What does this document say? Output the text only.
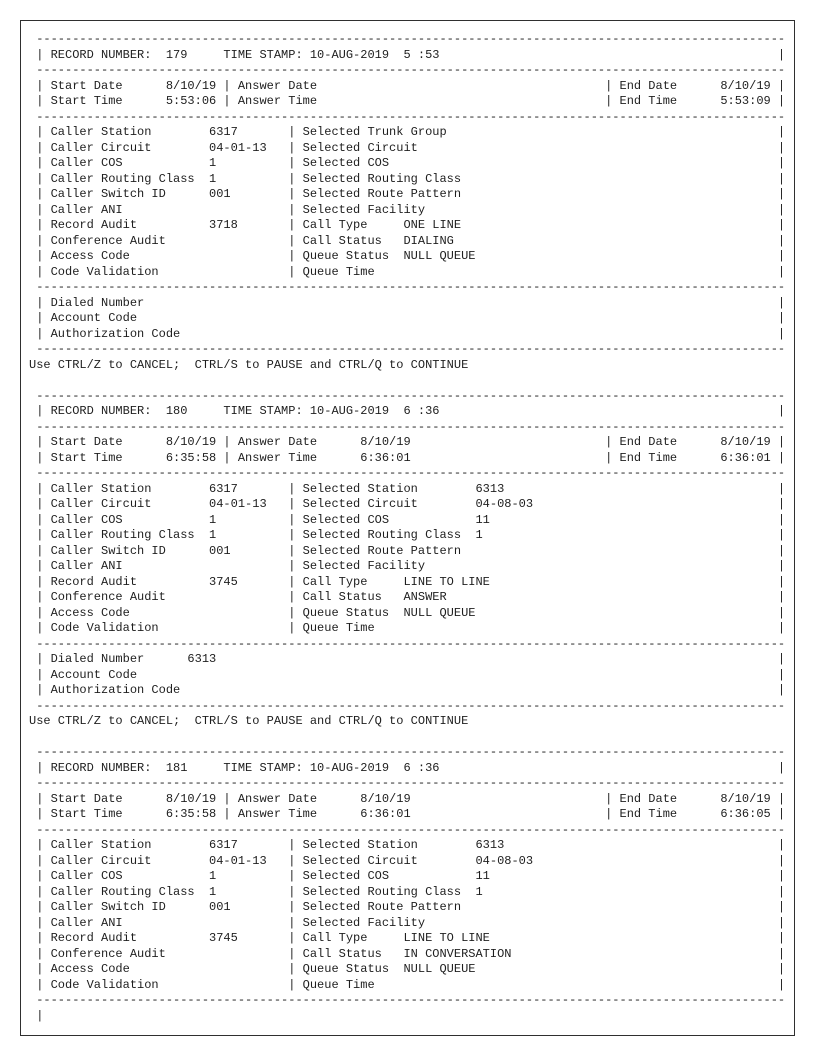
--------------------------------------------------------------------------------------------------------
| RECORD NUMBER:  179     TIME STAMP: 10-AUG-2019  5 :53                                               |
--------------------------------------------------------------------------------------------------------
| Start Date      8/10/19 | Answer Date                                        | End Date      8/10/19 |
| Start Time      5:53:06 | Answer Time                                        | End Time      5:53:09 |
--------------------------------------------------------------------------------------------------------
| Caller Station        6317       | Selected Trunk Group                                              |
| Caller Circuit        04-01-13   | Selected Circuit                                                  |
| Caller COS            1          | Selected COS                                                      |
| Caller Routing Class  1          | Selected Routing Class                                            |
| Caller Switch ID      001        | Selected Route Pattern                                            |
| Caller ANI                       | Selected Facility                                                 |
| Record Audit          3718       | Call Type     ONE LINE                                            |
| Conference Audit                 | Call Status   DIALING                                             |
| Access Code                      | Queue Status  NULL QUEUE                                          |
| Code Validation                  | Queue Time                                                        |
--------------------------------------------------------------------------------------------------------
| Dialed Number                                                                                        |
| Account Code                                                                                         |
| Authorization Code                                                                                   |
--------------------------------------------------------------------------------------------------------
Use CTRL/Z to CANCEL;  CTRL/S to PAUSE and CTRL/Q to CONTINUE

--------------------------------------------------------------------------------------------------------
| RECORD NUMBER:  180     TIME STAMP: 10-AUG-2019  6 :36                                               |
--------------------------------------------------------------------------------------------------------
| Start Date      8/10/19 | Answer Date      8/10/19                           | End Date      8/10/19 |
| Start Time      6:35:58 | Answer Time      6:36:01                           | End Time      6:36:01 |
--------------------------------------------------------------------------------------------------------
| Caller Station        6317       | Selected Station        6313                                      |
| Caller Circuit        04-01-13   | Selected Circuit        04-08-03                                  |
| Caller COS            1          | Selected COS            11                                        |
| Caller Routing Class  1          | Selected Routing Class  1                                         |
| Caller Switch ID      001        | Selected Route Pattern                                            |
| Caller ANI                       | Selected Facility                                                 |
| Record Audit          3745       | Call Type     LINE TO LINE                                        |
| Conference Audit                 | Call Status   ANSWER                                              |
| Access Code                      | Queue Status  NULL QUEUE                                          |
| Code Validation                  | Queue Time                                                        |
--------------------------------------------------------------------------------------------------------
| Dialed Number      6313                                                                              |
| Account Code                                                                                         |
| Authorization Code                                                                                   |
--------------------------------------------------------------------------------------------------------
Use CTRL/Z to CANCEL;  CTRL/S to PAUSE and CTRL/Q to CONTINUE

--------------------------------------------------------------------------------------------------------
| RECORD NUMBER:  181     TIME STAMP: 10-AUG-2019  6 :36                                               |
--------------------------------------------------------------------------------------------------------
| Start Date      8/10/19 | Answer Date      8/10/19                           | End Date      8/10/19 |
| Start Time      6:35:58 | Answer Time      6:36:01                           | End Time      6:36:05 |
--------------------------------------------------------------------------------------------------------
| Caller Station        6317       | Selected Station        6313                                      |
| Caller Circuit        04-01-13   | Selected Circuit        04-08-03                                  |
| Caller COS            1          | Selected COS            11                                        |
| Caller Routing Class  1          | Selected Routing Class  1                                         |
| Caller Switch ID      001        | Selected Route Pattern                                            |
| Caller ANI                       | Selected Facility                                                 |
| Record Audit          3745       | Call Type     LINE TO LINE                                        |
| Conference Audit                 | Call Status   IN CONVERSATION                                     |
| Access Code                      | Queue Status  NULL QUEUE                                          |
| Code Validation                  | Queue Time                                                        |
--------------------------------------------------------------------------------------------------------
|
